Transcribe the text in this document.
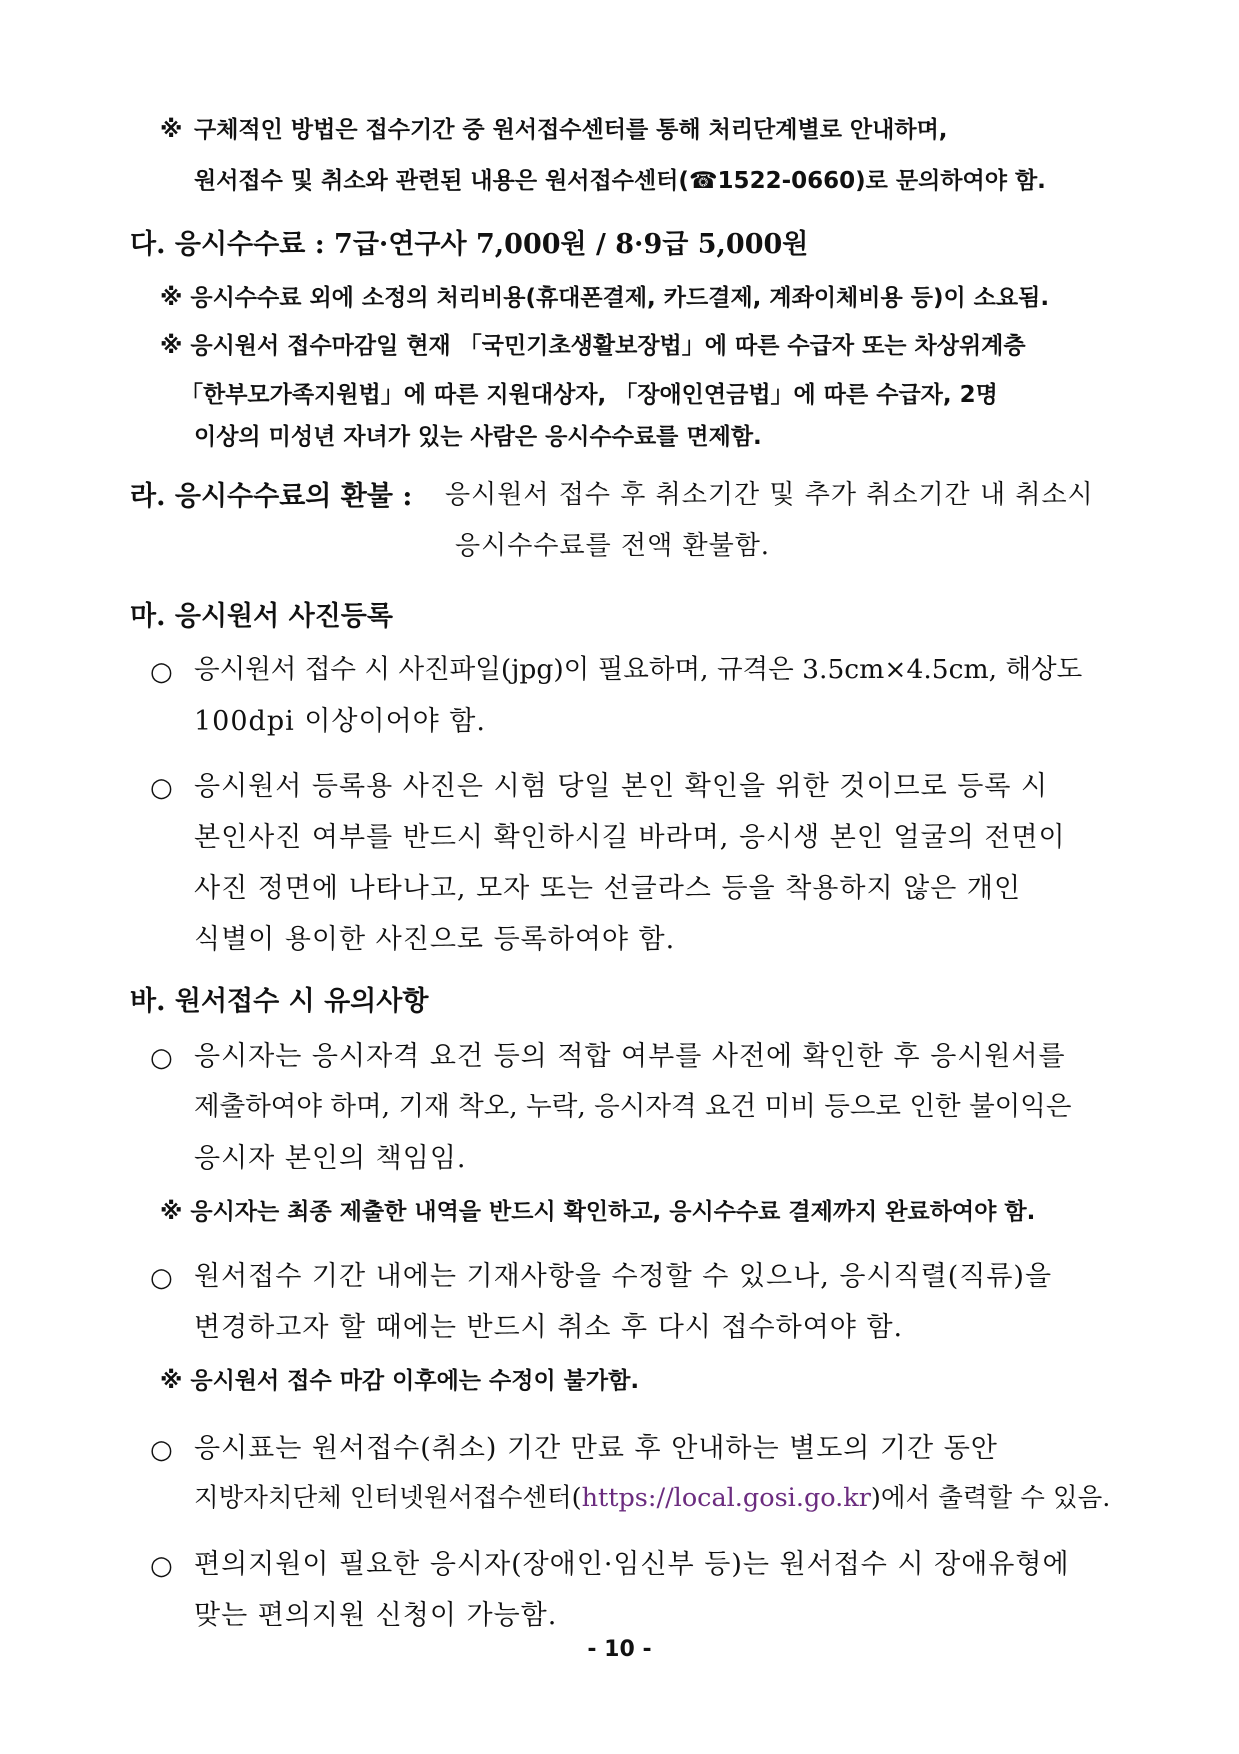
※ 구체적인 방법은 접수기간 중 원서접수센터를 통해 처리단계별로 안내하며,
원서접수 및 취소와 관련된 내용은 원서접수센터(☎1522-0660)로 문의하여야 함.
다. 응시수수료 : 7급·연구사 7,000원 / 8·9급 5,000원
※ 응시수수료 외에 소정의 처리비용(휴대폰결제, 카드결제, 계좌이체비용 등)이 소요됨.
※ 응시원서 접수마감일 현재 「국민기초생활보장법」에 따른 수급자 또는 차상위계층
「한부모가족지원법」에 따른 지원대상자, 「장애인연금법」에 따른 수급자, 2명
이상의 미성년 자녀가 있는 사람은 응시수수료를 면제함.
라. 응시수수료의 환불 : 응시원서 접수 후 취소기간 및 추가 취소기간 내 취소시
응시수수료를 전액 환불함.
마. 응시원서 사진등록
○ 응시원서 접수 시 사진파일(jpg)이 필요하며, 규격은 3.5cm×4.5cm, 해상도
100dpi 이상이어야 함.
○ 응시원서 등록용 사진은 시험 당일 본인 확인을 위한 것이므로 등록 시
본인사진 여부를 반드시 확인하시길 바라며, 응시생 본인 얼굴의 전면이
사진 정면에 나타나고, 모자 또는 선글라스 등을 착용하지 않은 개인
식별이 용이한 사진으로 등록하여야 함.
바. 원서접수 시 유의사항
○ 응시자는 응시자격 요건 등의 적합 여부를 사전에 확인한 후 응시원서를
제출하여야 하며, 기재 착오, 누락, 응시자격 요건 미비 등으로 인한 불이익은
응시자 본인의 책임임.
※ 응시자는 최종 제출한 내역을 반드시 확인하고, 응시수수료 결제까지 완료하여야 함.
○ 원서접수 기간 내에는 기재사항을 수정할 수 있으나, 응시직렬(직류)을
변경하고자 할 때에는 반드시 취소 후 다시 접수하여야 함.
※ 응시원서 접수 마감 이후에는 수정이 불가함.
○ 응시표는 원서접수(취소) 기간 만료 후 안내하는 별도의 기간 동안
지방자치단체 인터넷원서접수센터(https://local.gosi.go.kr)에서 출력할 수 있음.
○ 편의지원이 필요한 응시자(장애인·임신부 등)는 원서접수 시 장애유형에
맞는 편의지원 신청이 가능함.
- 10 -
